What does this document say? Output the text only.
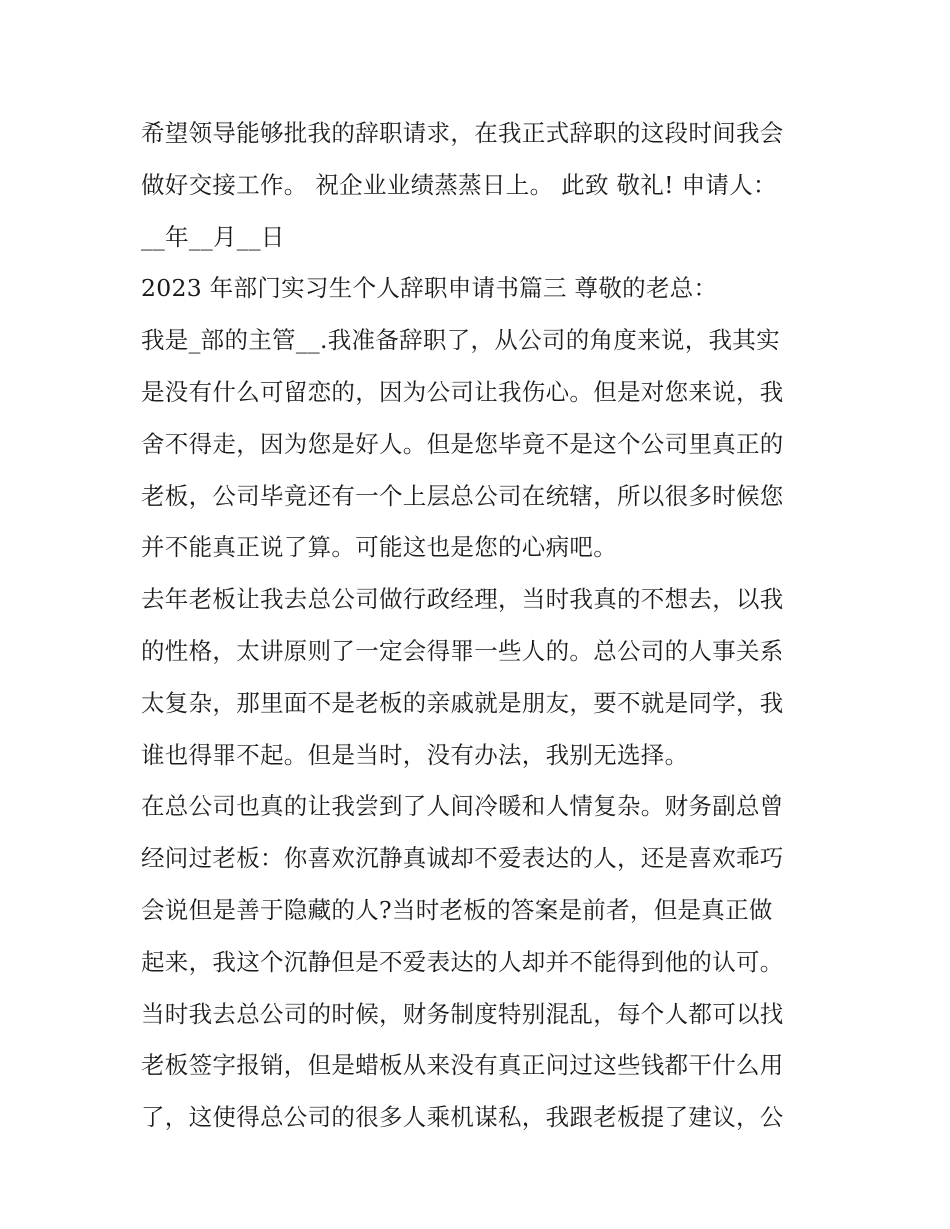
希望领导能够批我的辞职请求，在我正式辞职的这段时间我会
做好交接工作。 祝企业业绩蒸蒸日上。 此致 敬礼! 申请人：
__年__月__日
2023 年部门实习生个人辞职申请书篇三 尊敬的老总：
我是_部的主管__.我准备辞职了，从公司的角度来说，我其实
是没有什么可留恋的，因为公司让我伤心。但是对您来说，我
舍不得走，因为您是好人。但是您毕竟不是这个公司里真正的
老板，公司毕竟还有一个上层总公司在统辖，所以很多时候您
并不能真正说了算。可能这也是您的心病吧。
去年老板让我去总公司做行政经理，当时我真的不想去，以我
的性格，太讲原则了一定会得罪一些人的。总公司的人事关系
太复杂，那里面不是老板的亲戚就是朋友，要不就是同学，我
谁也得罪不起。但是当时，没有办法，我别无选择。
在总公司也真的让我尝到了人间冷暖和人情复杂。财务副总曾
经问过老板：你喜欢沉静真诚却不爱表达的人，还是喜欢乖巧
会说但是善于隐藏的人?当时老板的答案是前者，但是真正做
起来，我这个沉静但是不爱表达的人却并不能得到他的认可。
当时我去总公司的时候，财务制度特别混乱，每个人都可以找
老板签字报销，但是蜡板从来没有真正问过这些钱都干什么用
了，这使得总公司的很多人乘机谋私，我跟老板提了建议，公
